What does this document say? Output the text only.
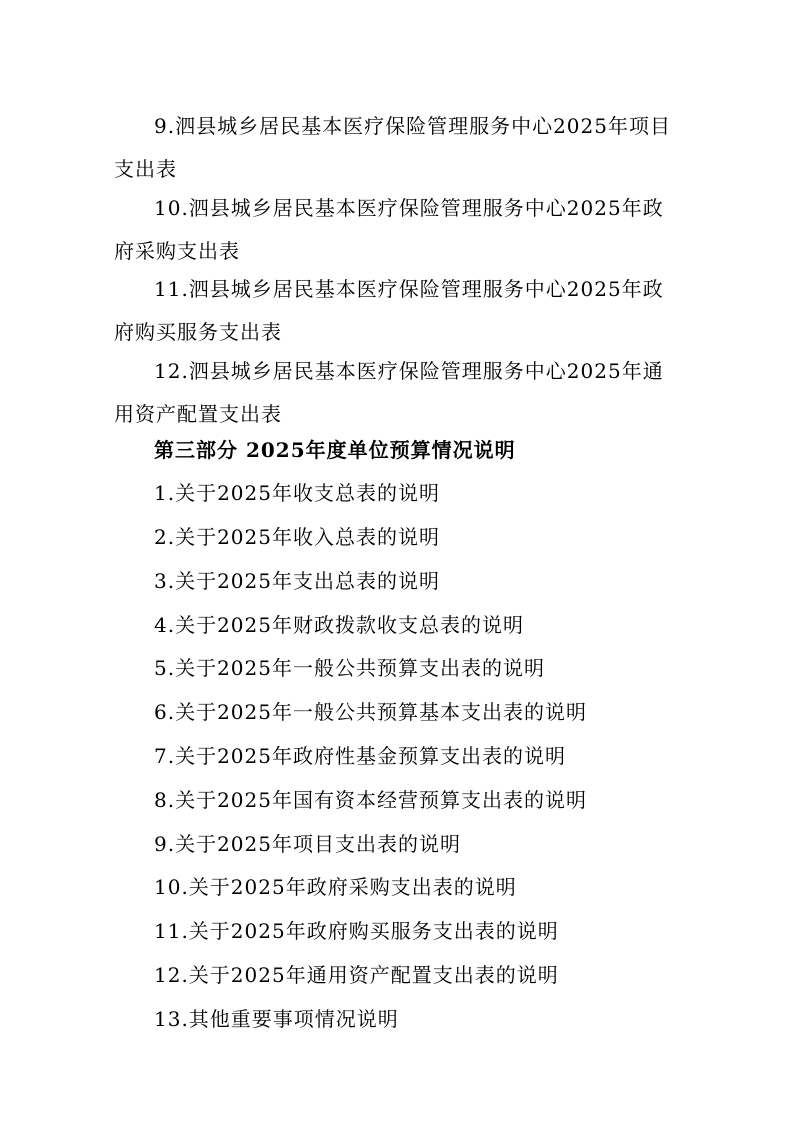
9.泗县城乡居民基本医疗保险管理服务中心2025年项目支出表

10.泗县城乡居民基本医疗保险管理服务中心2025年政府采购支出表

11.泗县城乡居民基本医疗保险管理服务中心2025年政府购买服务支出表

12.泗县城乡居民基本医疗保险管理服务中心2025年通用资产配置支出表

第三部分 2025年度单位预算情况说明

1.关于2025年收支总表的说明

2.关于2025年收入总表的说明

3.关于2025年支出总表的说明

4.关于2025年财政拨款收支总表的说明

5.关于2025年一般公共预算支出表的说明

6.关于2025年一般公共预算基本支出表的说明

7.关于2025年政府性基金预算支出表的说明

8.关于2025年国有资本经营预算支出表的说明

9.关于2025年项目支出表的说明

10.关于2025年政府采购支出表的说明

11.关于2025年政府购买服务支出表的说明

12.关于2025年通用资产配置支出表的说明

13.其他重要事项情况说明
